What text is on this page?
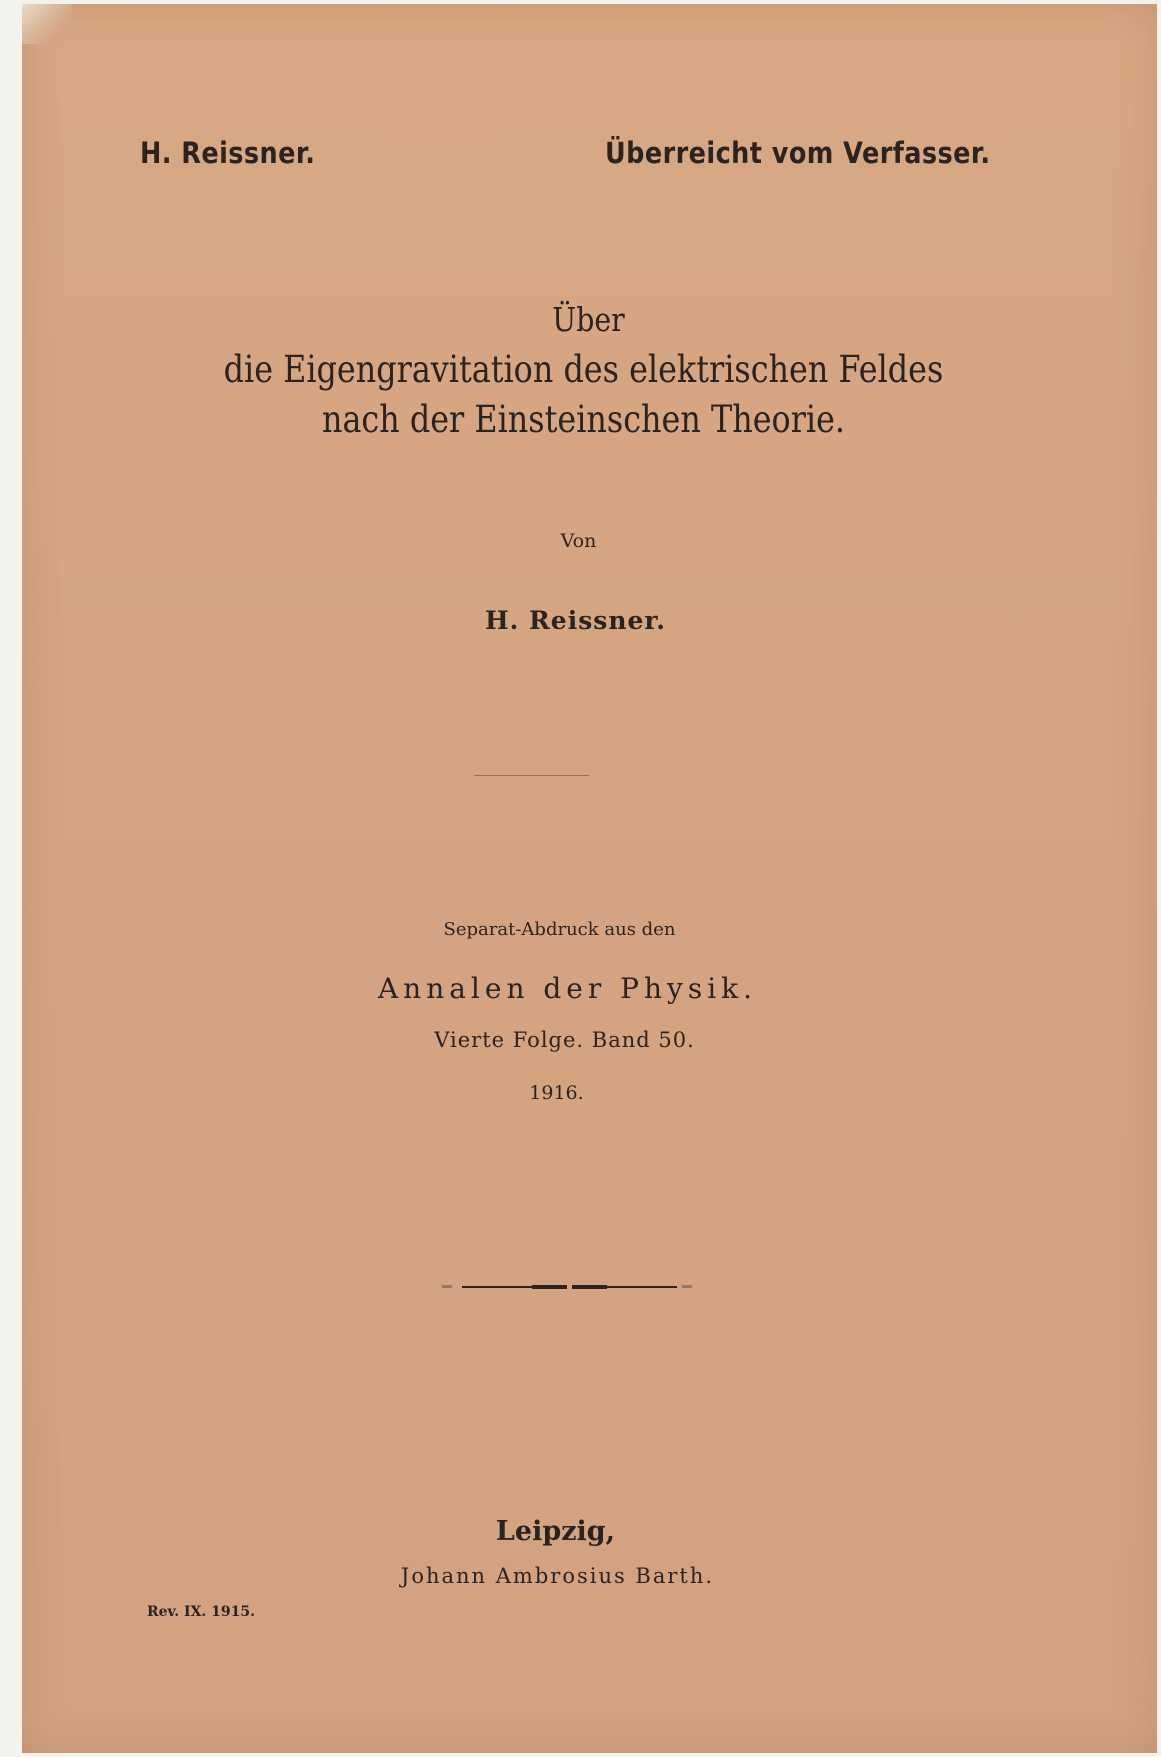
H. Reissner.	Überreicht vom Verfasser.
Über
die Eigengravitation des elektrischen Feldes
nach der Einsteinschen Theorie.
Von
H. Reissner.
Separat-Abdruck aus den
Annalen der Physik.
Vierte Folge. Band 50.
1916.
Leipzig,
Johann Ambrosius Barth.
Rev. IX. 1915.
